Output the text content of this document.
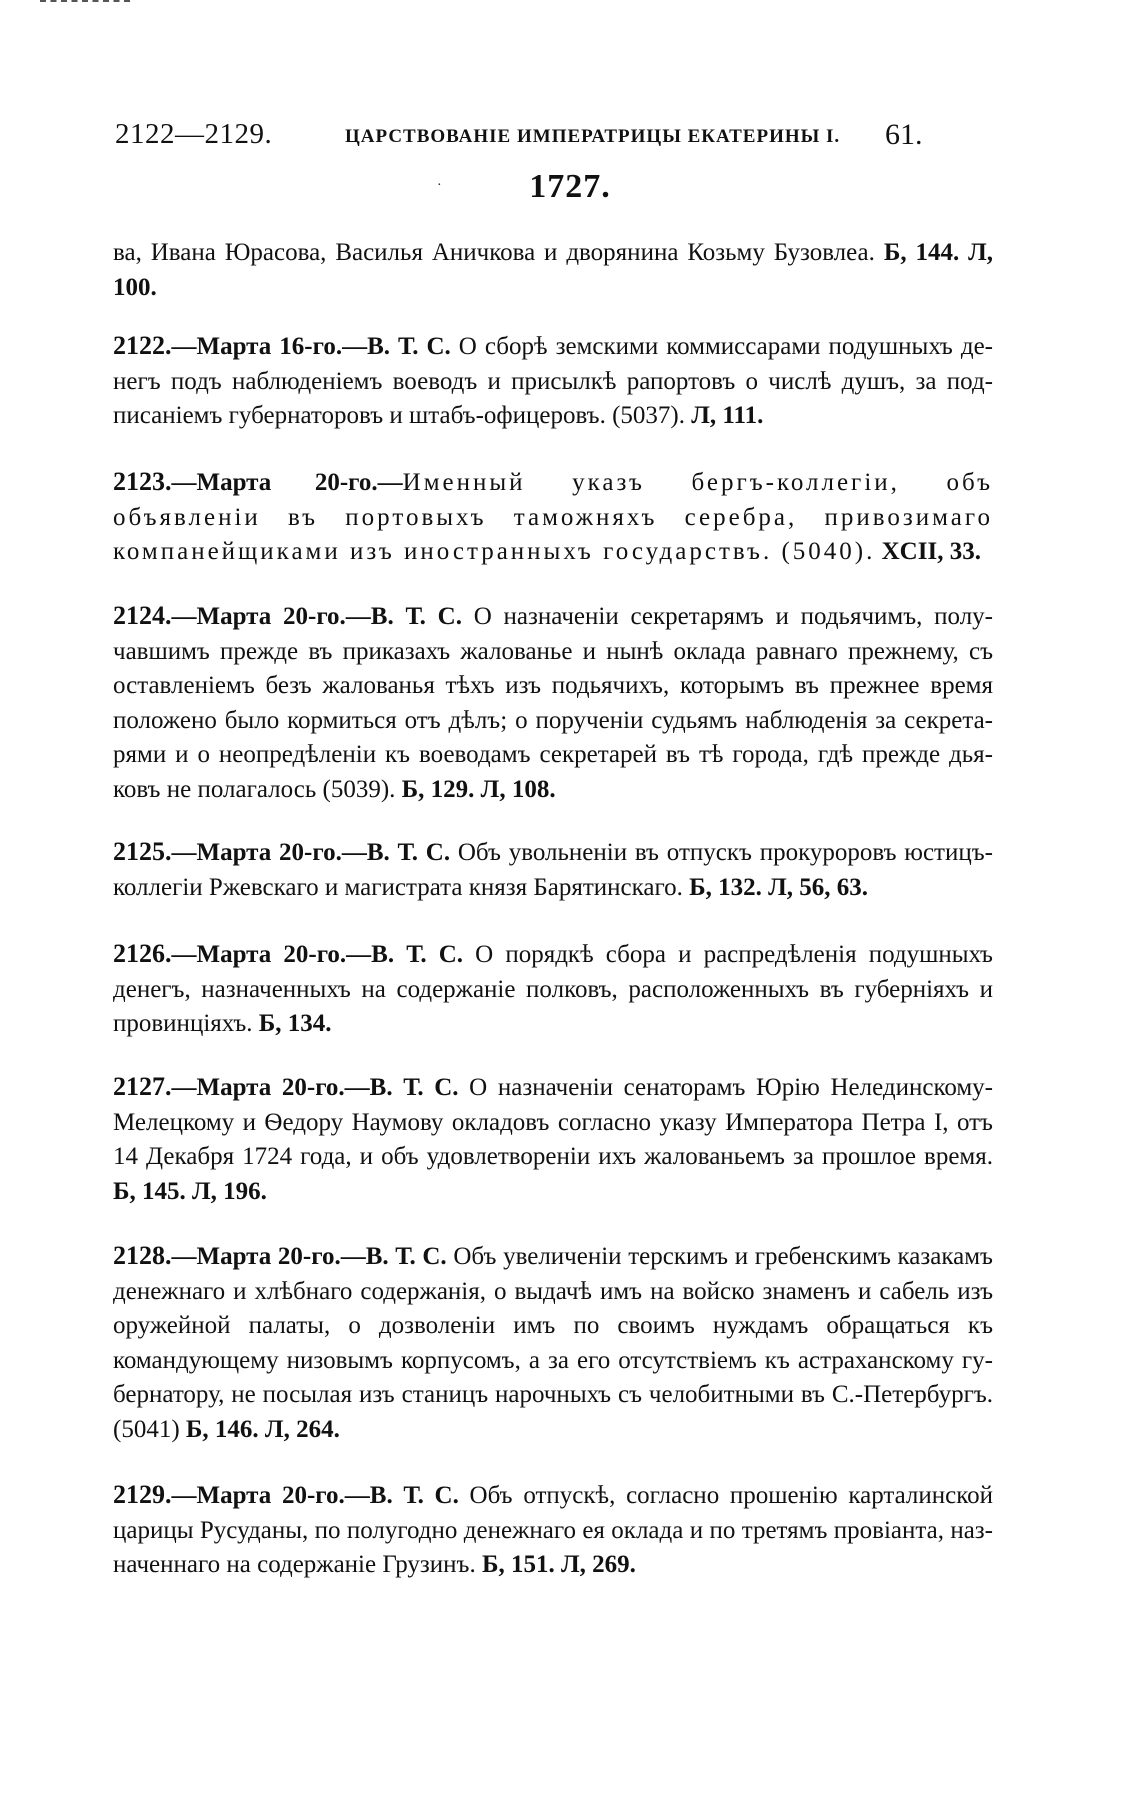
2122—2129.	ЦАРСТВОВАНІЕ ИМПЕРАТРИЦЫ ЕКАТЕРИНЫ I. 61.
·	1727.
ва, Ивана Юрасова, Василья Аничкова и дворянина Козьму Бузовлеа. Б, 144. Л, 100.
2122.—Марта 16-го.—В. Т. С. О сборѣ земскими коммиссарами подушныхъ денегъ подъ наблюденіемъ воеводъ и присылкѣ рапортовъ о числѣ душъ, за подписаніемъ губернаторовъ и штабъ-офицеровъ. (5037). Л, 111.
2123.—Марта 20-го.—Именный указъ бергъ-коллегіи, объ объявленіи въ портовыхъ таможняхъ серебра, привозимаго компанейщиками изъ иностранныхъ государствъ. (5040). XCII, 33.
2124.—Марта 20-го.—В. Т. С. О назначеніи секретарямъ и подьячимъ, получавшимъ прежде въ приказахъ жалованье и нынѣ оклада равнаго прежнему, съ оставленіемъ безъ жалованья тѣхъ изъ подьячихъ, которымъ въ прежнее время положено было кормиться отъ дѣлъ; о порученіи судьямъ наблюденія за секретарями и о неопредѣленіи къ воеводамъ секретарей въ тѣ города, гдѣ прежде дьяковъ не полагалось (5039). Б, 129. Л, 108.
2125.—Марта 20-го.—В. Т. С. Объ увольненіи въ отпускъ прокуроровъ юстицъ-коллегіи Ржевскаго и магистрата князя Барятинскаго. Б, 132. Л, 56, 63.
2126.—Марта 20-го.—В. Т. С. О порядкѣ сбора и распредѣленія подушныхъ денегъ, назначенныхъ на содержаніе полковъ, расположенныхъ въ губерніяхъ и провинціяхъ. Б, 134.
2127.—Марта 20-го.—В. Т. С. О назначеніи сенаторамъ Юрію Нелединскому-Мелецкому и Ѳедору Наумову окладовъ согласно указу Императора Петра I, отъ 14 Декабря 1724 года, и объ удовлетвореніи ихъ жалованьемъ за прошлое время. Б, 145. Л, 196.
2128.—Марта 20-го.—В. Т. С. Объ увеличеніи терскимъ и гребенскимъ казакамъ денежнаго и хлѣбнаго содержанія, о выдачѣ имъ на войско знаменъ и сабель изъ оружейной палаты, о дозволеніи имъ по своимъ нуждамъ обращаться къ командующему низовымъ корпусомъ, а за его отсутствіемъ къ астраханскому губернатору, не посылая изъ станицъ нарочныхъ съ челобитными въ С.-Петербургъ. (5041) Б, 146. Л, 264.
2129.—Марта 20-го.—В. Т. С. Объ отпускѣ, согласно прошенію карталинской царицы Русуданы, по полугодно денежнаго ея оклада и по третямъ провіанта, назначеннаго на содержаніе Грузинъ. Б, 151. Л, 269.
